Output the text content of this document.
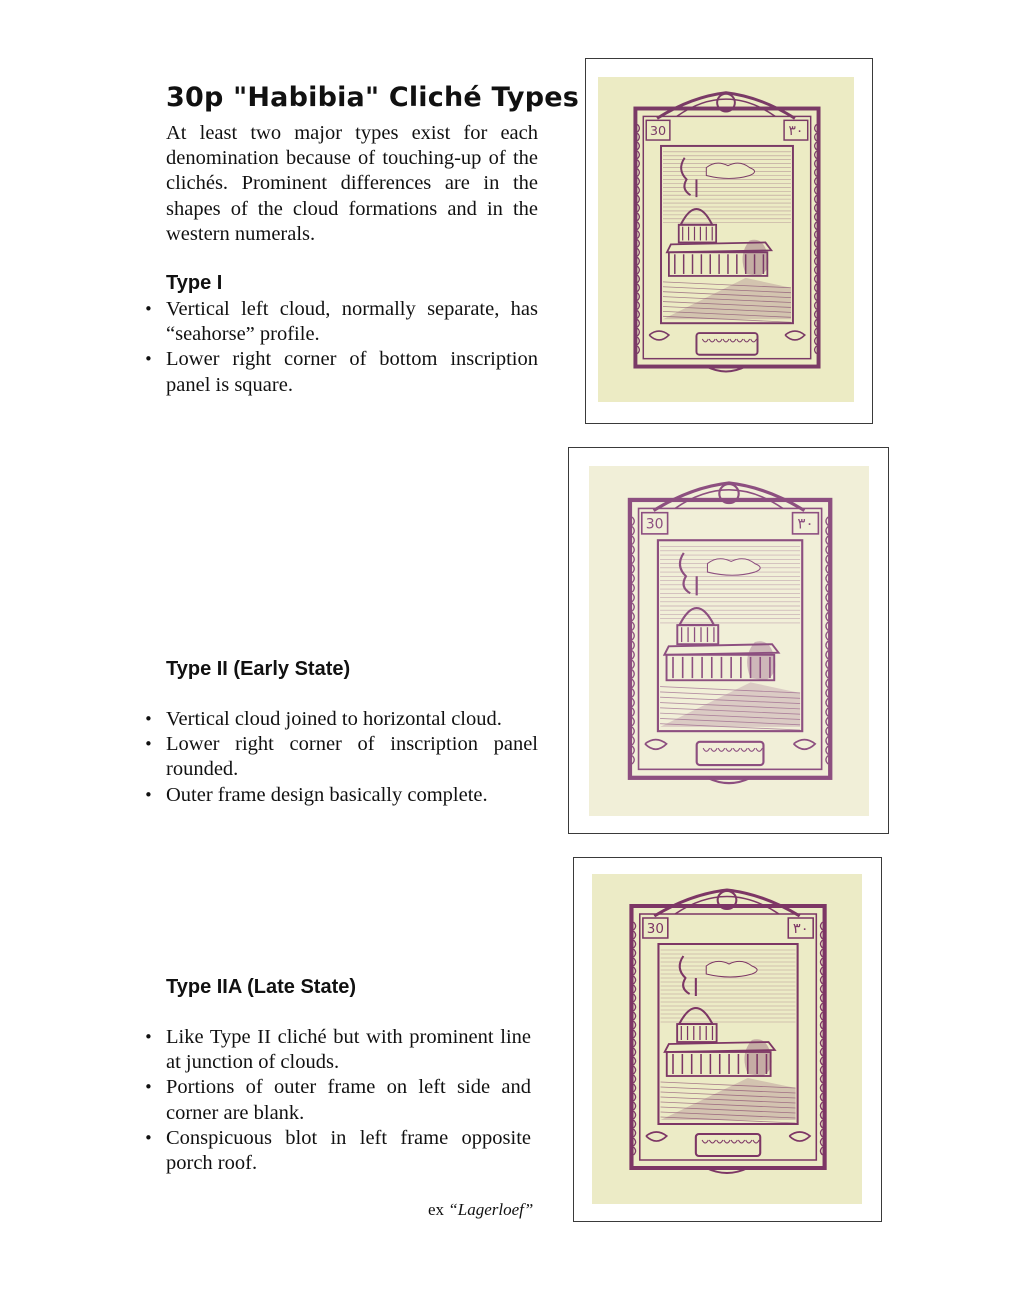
30p "Habibia" Cliché Types

At least two major types exist for each denomination because of touching-up of the clichés. Prominent differences are in the shapes of the cloud formations and in the western numerals.

Type I
• Vertical left cloud, normally separate, has “seahorse” profile.
• Lower right corner of bottom inscription panel is square.
Type II (Early State)
• Vertical cloud joined to horizontal cloud.
• Lower right corner of inscription panel rounded.
• Outer frame design basically complete.
Type IIA (Late State)
• Like Type II cliché but with prominent line at junction of clouds.
• Portions of outer frame on left side and corner are blank.
• Conspicuous blot in left frame opposite porch roof.
ex “Lagerloef”
30	٣٠
30	٣٠
30	٣٠
